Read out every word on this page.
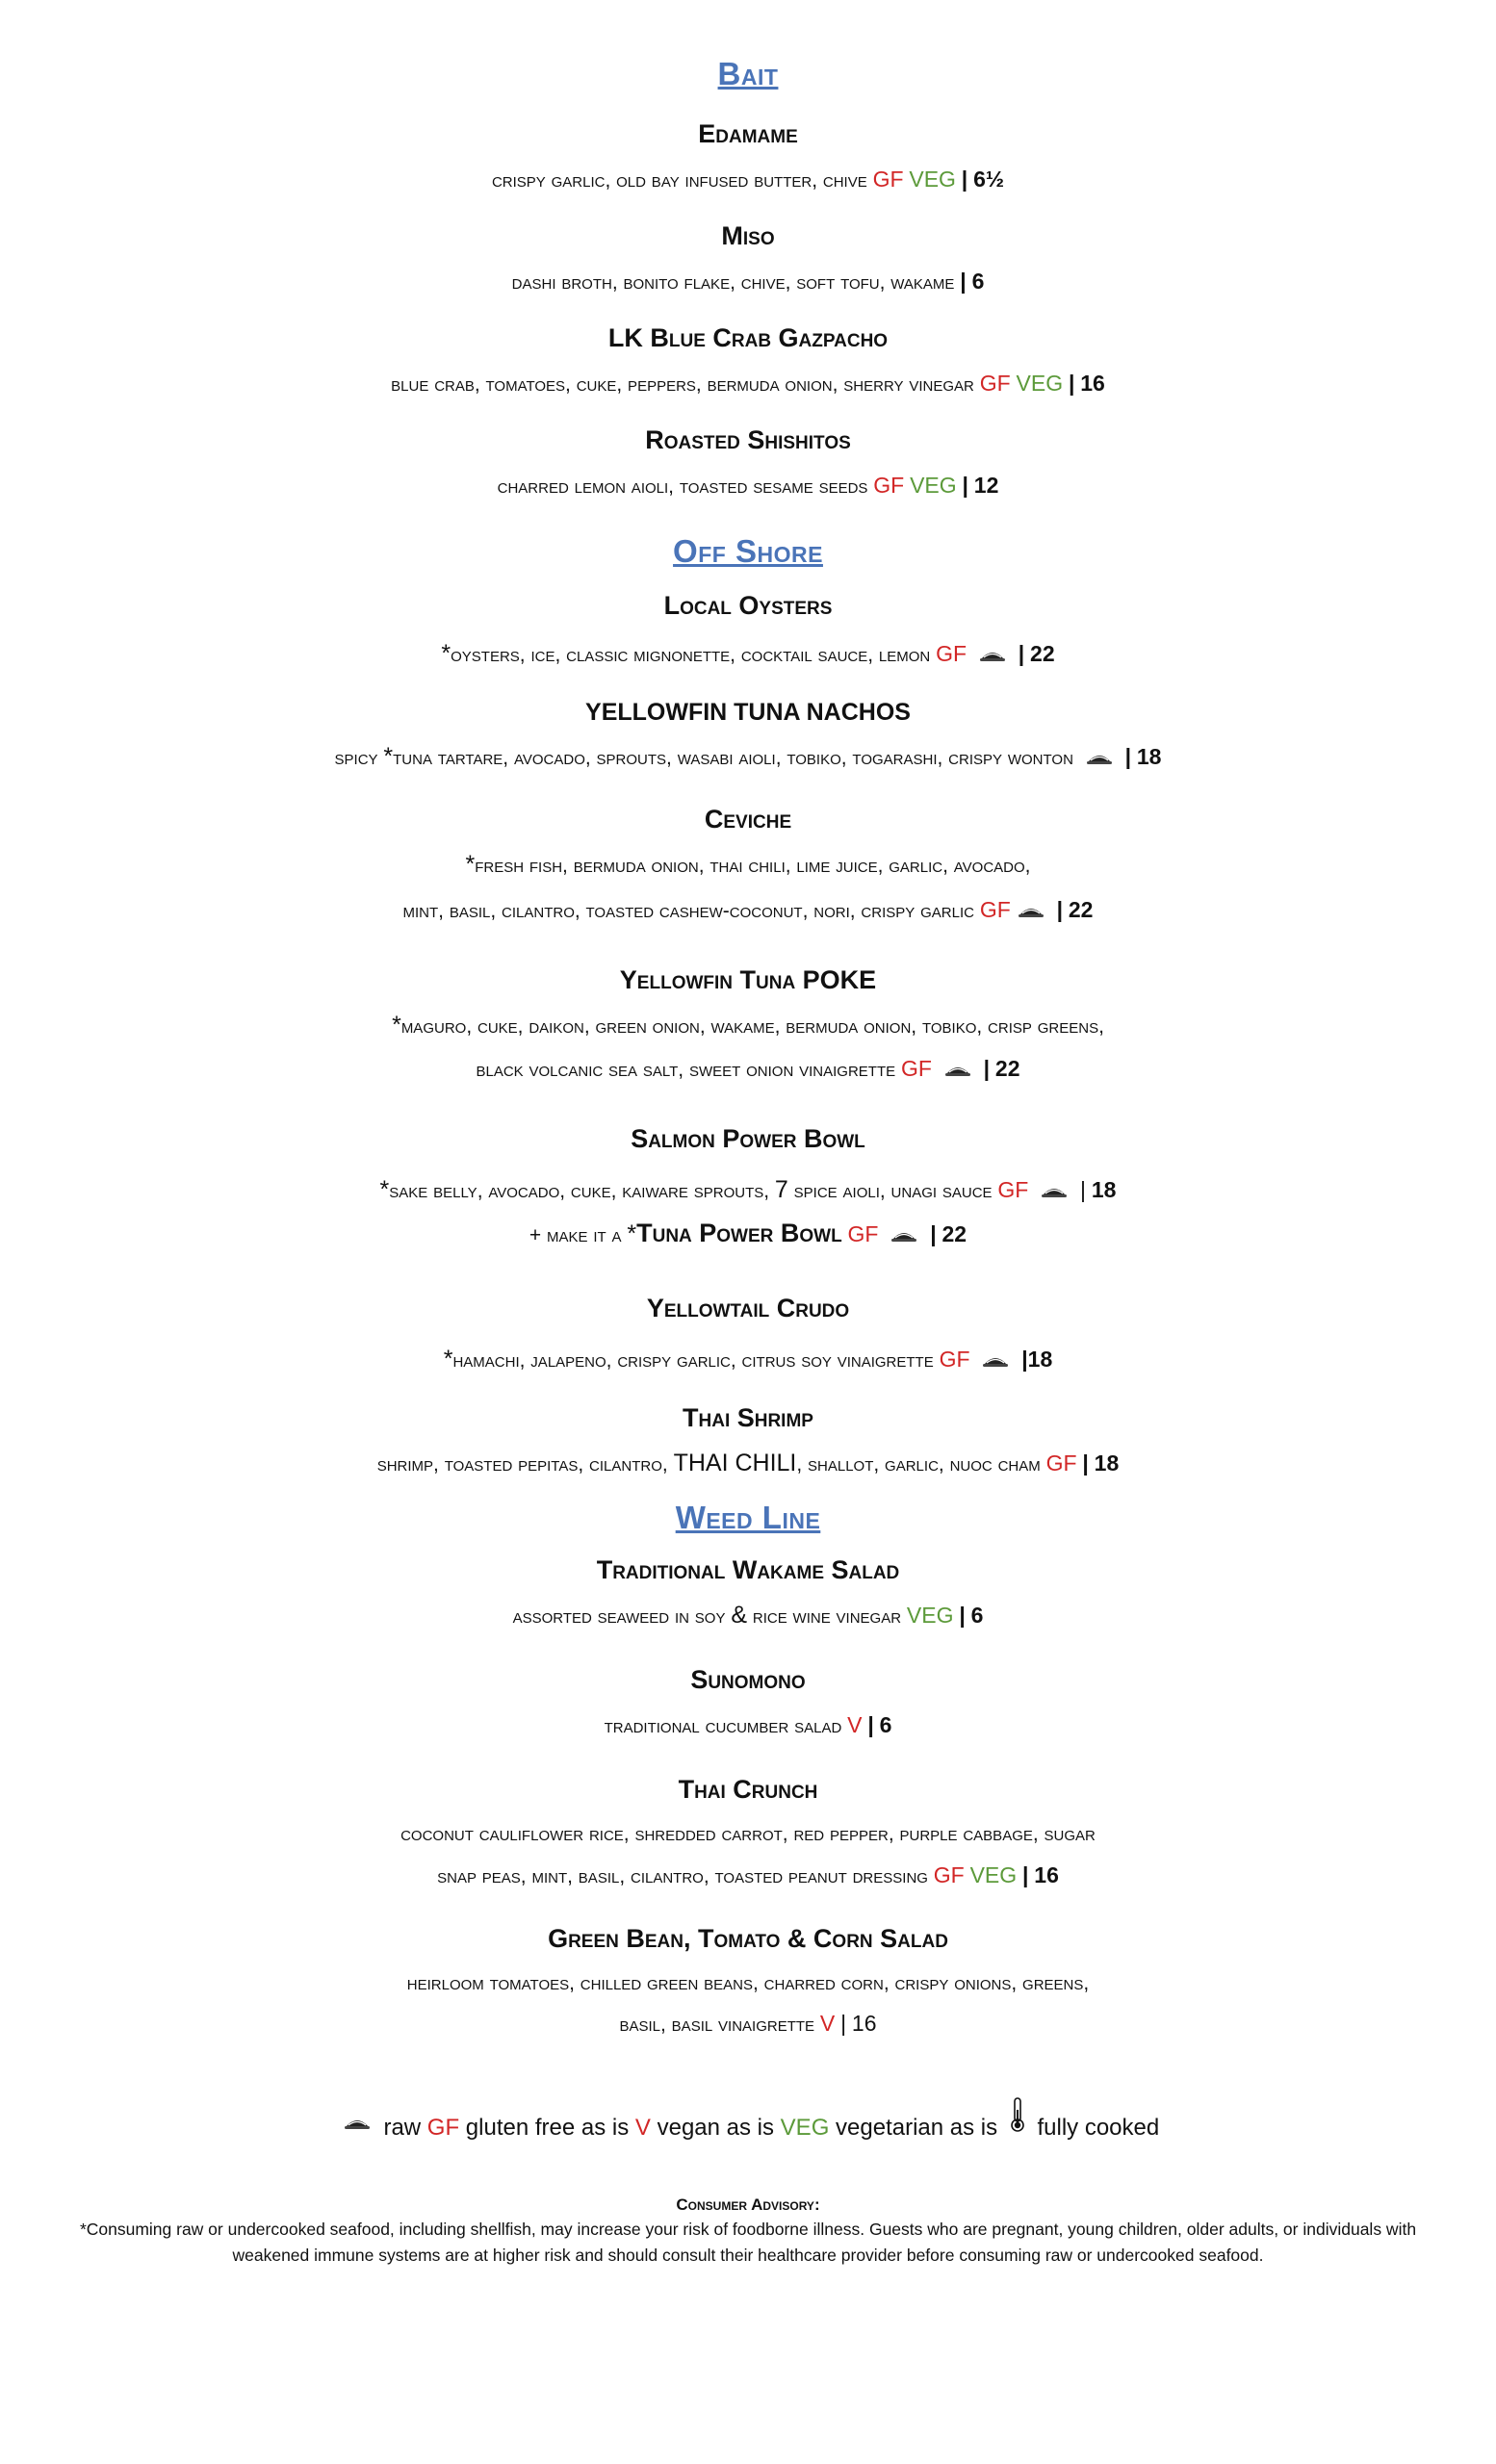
Bait
Edamame
crispy garlic, old bay infused butter, chive GF VEG | 6½
Miso
dashi broth, bonito flake, chive, soft tofu, wakame | 6
LK Blue Crab Gazpacho
blue crab, tomatoes, cuke, peppers, bermuda onion, sherry vinegar GF VEG | 16
Roasted Shishitos
charred lemon aioli, toasted sesame seeds GF VEG | 12
Off Shore
Local Oysters
*oysters, ice, classic mignonette, cocktail sauce, lemon GF | 22
YELLOWFIN TUNA NACHOS
spicy *tuna tartare, avocado, sprouts, wasabi aioli, tobiko, togarashi, crispy wonton | 18
Ceviche
*fresh fish, bermuda onion, thai chili, lime juice, garlic, avocado,
mint, basil, cilantro, toasted cashew-coconut, nori, crispy garlic GF | 22
Yellowfin Tuna POKE
*maguro, cuke, daikon, green onion, wakame, bermuda onion, tobiko, crisp greens,
black volcanic sea salt, sweet onion vinaigrette GF | 22
Salmon Power Bowl
*sake belly, avocado, cuke, kaiware sprouts, 7 spice aioli, unagi sauce GF | 18
+ make it a *Tuna Power Bowl GF | 22
Yellowtail Crudo
*hamachi, jalapeno, crispy garlic, citrus soy vinaigrette GF |18
Thai Shrimp
shrimp, toasted pepitas, cilantro, THAI CHILI, shallot, garlic, nuoc cham GF | 18
Weed Line
Traditional Wakame Salad
assorted seaweed in soy & rice wine vinegar VEG | 6
Sunomono
traditional cucumber salad V | 6
Thai Crunch
coconut cauliflower rice, shredded carrot, red pepper, purple cabbage, sugar
snap peas, mint, basil, cilantro, toasted peanut dressing GF VEG | 16
Green Bean, Tomato & Corn Salad
heirloom tomatoes, chilled green beans, charred corn, crispy onions, greens,
basil, basil vinaigrette V | 16
raw GF gluten free as is V vegan as is VEG vegetarian as is fully cooked
Consumer Advisory:
*Consuming raw or undercooked seafood, including shellfish, may increase your risk of foodborne illness. Guests who are pregnant, young children, older adults, or individuals with
weakened immune systems are at higher risk and should consult their healthcare provider before consuming raw or undercooked seafood.
